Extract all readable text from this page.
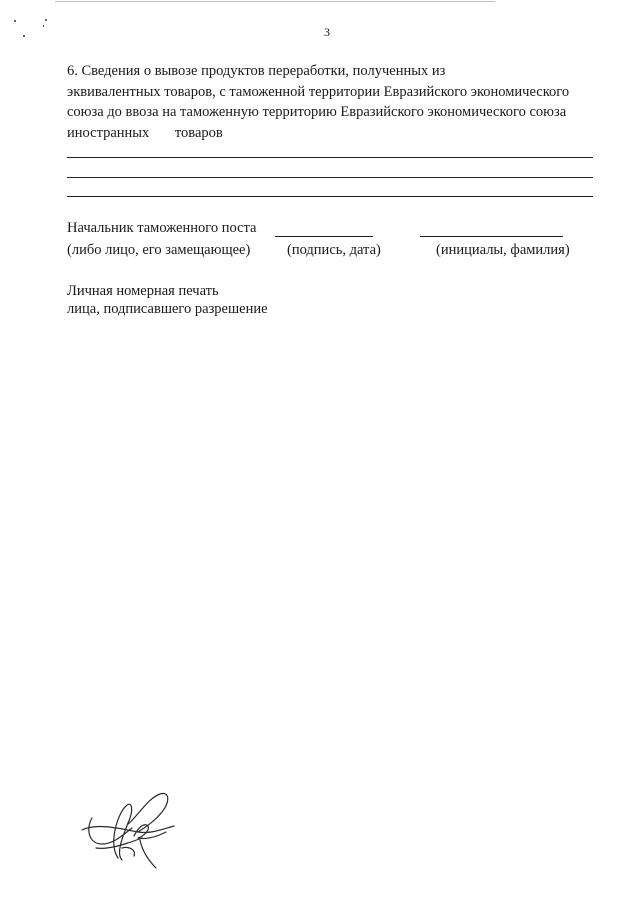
3
6. Сведения о вывозе продуктов переработки, полученных из
эквивалентных товаров, с таможенной территории Евразийского экономического
союза до ввоза на таможенную территорию Евразийского экономического союза
иностранных товаров
Начальник таможенного поста
(либо лицо, его замещающее)	(подпись, дата)	(инициалы, фамилия)
Личная номерная печать
лица, подписавшего разрешение
